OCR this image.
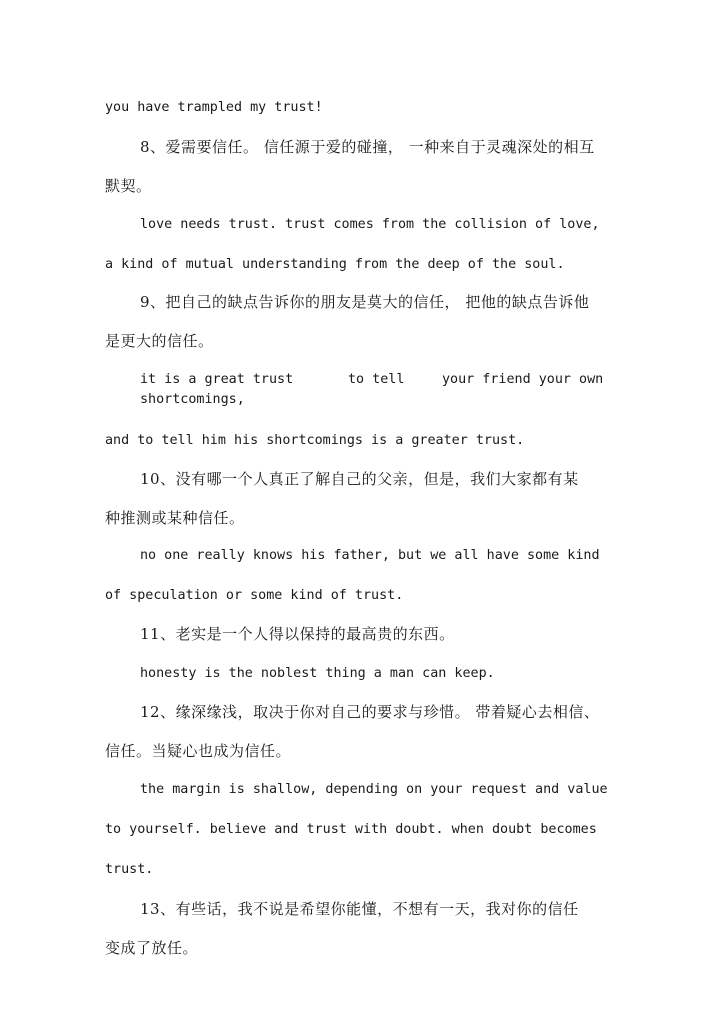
you have trampled my trust!
8、爱需要信任。 信任源于爱的碰撞， 一种来自于灵魂深处的相互
默契。
love needs trust. trust comes from the collision of love,
a kind of mutual understanding from the deep of the soul.
9、把自己的缺点告诉你的朋友是莫大的信任， 把他的缺点告诉他
是更大的信任。
it is a great trust	to tell	your friend your own
shortcomings,
and to tell him his shortcomings is a greater trust.
10、没有哪一个人真正了解自己的父亲，但是，我们大家都有某
种推测或某种信任。
no one really knows his father, but we all have some kind
of speculation or some kind of trust.
11、老实是一个人得以保持的最高贵的东西。
honesty is the noblest thing a man can keep.
12、缘深缘浅，取决于你对自己的要求与珍惜。 带着疑心去相信、
信任。当疑心也成为信任。
the margin is shallow, depending on your request and value
to yourself. believe and trust with doubt. when doubt becomes
trust.
13、有些话，我不说是希望你能懂，不想有一天，我对你的信任
变成了放任。
